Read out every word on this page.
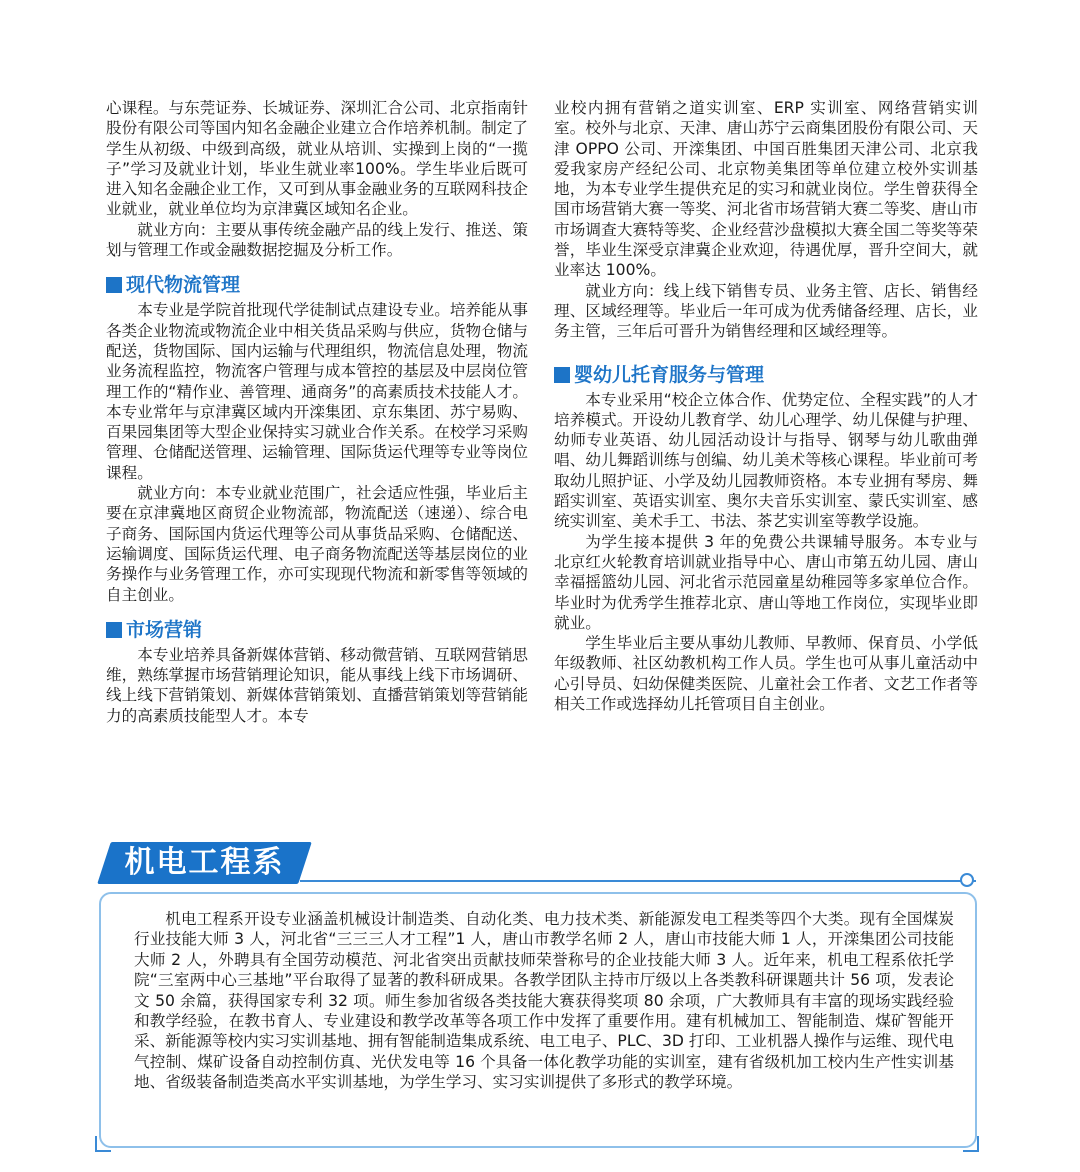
心课程。与东莞证券、长城证券、深圳汇合公司、北京指南针股份有限公司等国内知名金融企业建立合作培养机制。制定了学生从初级、中级到高级，就业从培训、实操到上岗的“一揽子”学习及就业计划，毕业生就业率100%。学生毕业后既可进入知名金融企业工作，又可到从事金融业务的互联网科技企业就业，就业单位均为京津冀区域知名企业。

就业方向：主要从事传统金融产品的线上发行、推送、策划与管理工作或金融数据挖掘及分析工作。

现代物流管理

本专业是学院首批现代学徒制试点建设专业。培养能从事各类企业物流或物流企业中相关货品采购与供应，货物仓储与配送，货物国际、国内运输与代理组织，物流信息处理，物流业务流程监控，物流客户管理与成本管控的基层及中层岗位管理工作的“精作业、善管理、通商务”的高素质技术技能人才。本专业常年与京津冀区域内开滦集团、京东集团、苏宁易购、百果园集团等大型企业保持实习就业合作关系。在校学习采购管理、仓储配送管理、运输管理、国际货运代理等专业等岗位课程。

就业方向：本专业就业范围广，社会适应性强，毕业后主要在京津冀地区商贸企业物流部，物流配送（速递）、综合电子商务、国际国内货运代理等公司从事货品采购、仓储配送、运输调度、国际货运代理、电子商务物流配送等基层岗位的业务操作与业务管理工作，亦可实现现代物流和新零售等领域的自主创业。

市场营销

本专业培养具备新媒体营销、移动微营销、互联网营销思维，熟练掌握市场营销理论知识，能从事线上线下市场调研、线上线下营销策划、新媒体营销策划、直播营销策划等营销能力的高素质技能型人才。本专

业校内拥有营销之道实训室、ERP 实训室、网络营销实训室。校外与北京、天津、唐山苏宁云商集团股份有限公司、天津 OPPO 公司、开滦集团、中国百胜集团天津公司、北京我爱我家房产经纪公司、北京物美集团等单位建立校外实训基地，为本专业学生提供充足的实习和就业岗位。学生曾获得全国市场营销大赛一等奖、河北省市场营销大赛二等奖、唐山市市场调查大赛特等奖、企业经营沙盘模拟大赛全国二等奖等荣誉，毕业生深受京津冀企业欢迎，待遇优厚，晋升空间大，就业率达 100%。

就业方向：线上线下销售专员、业务主管、店长、销售经理、区域经理等。毕业后一年可成为优秀储备经理、店长，业务主管，三年后可晋升为销售经理和区域经理等。

婴幼儿托育服务与管理

本专业采用“校企立体合作、优势定位、全程实践”的人才培养模式。开设幼儿教育学、幼儿心理学、幼儿保健与护理、幼师专业英语、幼儿园活动设计与指导、钢琴与幼儿歌曲弹唱、幼儿舞蹈训练与创编、幼儿美术等核心课程。毕业前可考取幼儿照护证、小学及幼儿园教师资格。本专业拥有琴房、舞蹈实训室、英语实训室、奥尔夫音乐实训室、蒙氏实训室、感统实训室、美术手工、书法、茶艺实训室等教学设施。

为学生接本提供 3 年的免费公共课辅导服务。本专业与北京红火轮教育培训就业指导中心、唐山市第五幼儿园、唐山幸福摇篮幼儿园、河北省示范园童星幼稚园等多家单位合作。毕业时为优秀学生推荐北京、唐山等地工作岗位，实现毕业即就业。

学生毕业后主要从事幼儿教师、早教师、保育员、小学低年级教师、社区幼教机构工作人员。学生也可从事儿童活动中心引导员、妇幼保健类医院、儿童社会工作者、文艺工作者等相关工作或选择幼儿托管项目自主创业。

机电工程系

机电工程系开设专业涵盖机械设计制造类、自动化类、电力技术类、新能源发电工程类等四个大类。现有全国煤炭行业技能大师 3 人，河北省“三三三人才工程”1 人，唐山市教学名师 2 人，唐山市技能大师 1 人，开滦集团公司技能大师 2 人，外聘具有全国劳动模范、河北省突出贡献技师荣誉称号的企业技能大师 3 人。近年来，机电工程系依托学院“三室两中心三基地”平台取得了显著的教科研成果。各教学团队主持市厅级以上各类教科研课题共计 56 项，发表论文 50 余篇，获得国家专利 32 项。师生参加省级各类技能大赛获得奖项 80 余项，广大教师具有丰富的现场实践经验和教学经验，在教书育人、专业建设和教学改革等各项工作中发挥了重要作用。建有机械加工、智能制造、煤矿智能开采、新能源等校内实习实训基地、拥有智能制造集成系统、电工电子、PLC、3D 打印、工业机器人操作与运维、现代电气控制、煤矿设备自动控制仿真、光伏发电等 16 个具备一体化教学功能的实训室，建有省级机加工校内生产性实训基地、省级装备制造类高水平实训基地，为学生学习、实习实训提供了多形式的教学环境。
